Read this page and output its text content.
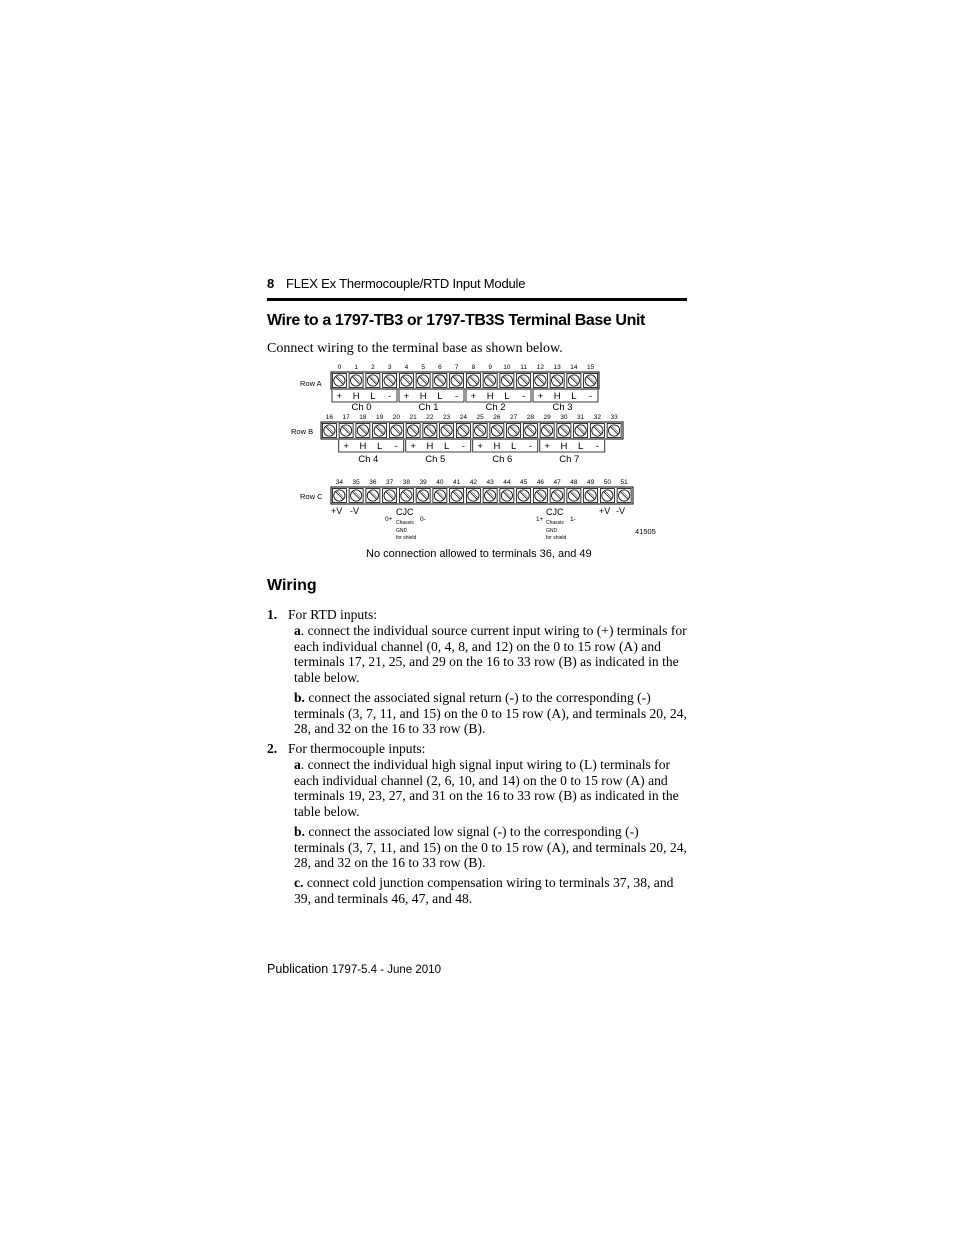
8 FLEX Ex Thermocouple/RTD Input Module
Wire to a 1797-TB3 or 1797-TB3S Terminal Base Unit
Connect wiring to the terminal base as shown below.
Row A
Row B
Row C
0 1 2 3 4 5 6 7 8 9 10 11 12 13 14 15
+ H L -
Ch 0
+ H L -
Ch 1
+ H L -
Ch 2
+ H L -
Ch 3
16 17 18 19 20 21 22 23 24 25 26 27 28 29 30 31 32 33
+ H L -
Ch 4
+ H L -
Ch 5
+ H L -
Ch 6
+ H L -
Ch 7
34 35 36 37 38 39 40 41 42 43 44 45 46 47 48 49 50 51
+V -V
0+
CJC
0-
Chassis
GND
for shield
1+
CJC
1-
Chassis
GND
for shield
+V -V
41505
No connection allowed to terminals 36, and 49
Wiring
1. For RTD inputs:
a. connect the individual source current input wiring to (+) terminals for
each individual channel (0, 4, 8, and 12) on the 0 to 15 row (A) and
terminals 17, 21, 25, and 29 on the 16 to 33 row (B) as indicated in the
table below.
b. connect the associated signal return (-) to the corresponding (-)
terminals (3, 7, 11, and 15) on the 0 to 15 row (A), and terminals 20, 24,
28, and 32 on the 16 to 33 row (B).
2. For thermocouple inputs:
a. connect the individual high signal input wiring to (L) terminals for
each individual channel (2, 6, 10, and 14) on the 0 to 15 row (A) and
terminals 19, 23, 27, and 31 on the 16 to 33 row (B) as indicated in the
table below.
b. connect the associated low signal (-) to the corresponding (-)
terminals (3, 7, 11, and 15) on the 0 to 15 row (A), and terminals 20, 24,
28, and 32 on the 16 to 33 row (B).
c. connect cold junction compensation wiring to terminals 37, 38, and
39, and terminals 46, 47, and 48.
Publication 1797-5.4 - June 2010
